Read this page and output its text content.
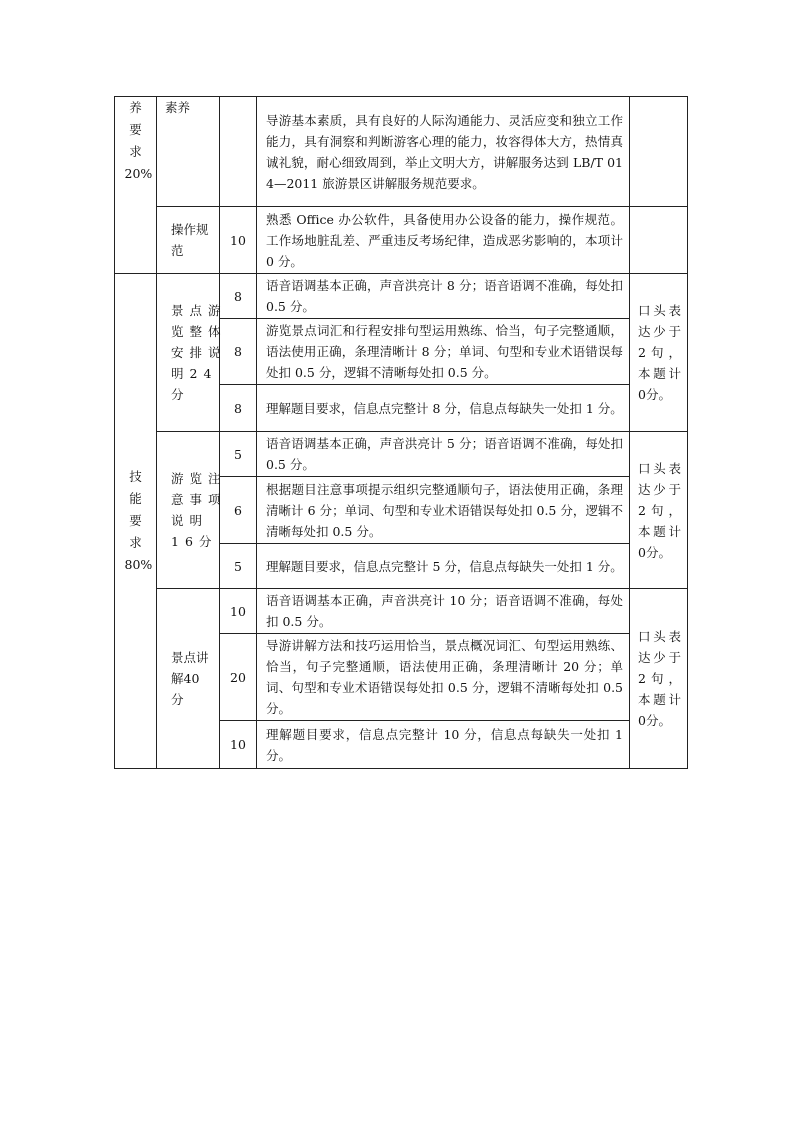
养要求20%	素养		导游基本素质，具有良好的人际沟通能力、灵活应变和独立工作能力，具有洞察和判断游客心理的能力，妆容得体大方，热情真诚礼貌，耐心细致周到，举止文明大方，讲解服务达到 LB/T 014—2011 旅游景区讲解服务规范要求。	

	操作规范	10	熟悉 Office 办公软件，具备使用办公设备的能力，操作规范。工作场地脏乱差、严重违反考场纪律，造成恶劣影响的，本项计 0 分。	

技能要求80%	景点游览整体安排说明24分	8	语音语调基本正确，声音洪亮计 8 分；语音语调不准确，每处扣 0.5 分。	口头表达少于2句，本题计0分。
		8	游览景点词汇和行程安排句型运用熟练、恰当，句子完整通顺，语法使用正确，条理清晰计 8 分；单词、句型和专业术语错误每处扣 0.5 分，逻辑不清晰每处扣 0.5 分。	
		8	理解题目要求，信息点完整计 8 分，信息点每缺失一处扣 1 分。	

	游览注意事项说明16分	5	语音语调基本正确，声音洪亮计 5 分；语音语调不准确，每处扣 0.5 分。	口头表达少于2句，本题计0分。
		6	根据题目注意事项提示组织完整通顺句子，语法使用正确，条理清晰计 6 分；单词、句型和专业术语错误每处扣 0.5 分，逻辑不清晰每处扣 0.5 分。	
		5	理解题目要求，信息点完整计 5 分，信息点每缺失一处扣 1 分。	

	景点讲解40分	10	语音语调基本正确，声音洪亮计 10 分；语音语调不准确，每处扣 0.5 分。	口头表达少于2句，本题计0分。
		20	导游讲解方法和技巧运用恰当，景点概况词汇、句型运用熟练、恰当，句子完整通顺，语法使用正确，条理清晰计 20 分；单词、句型和专业术语错误每处扣 0.5 分，逻辑不清晰每处扣 0.5 分。	
		10	理解题目要求，信息点完整计 10 分，信息点每缺失一处扣 1 分。	
